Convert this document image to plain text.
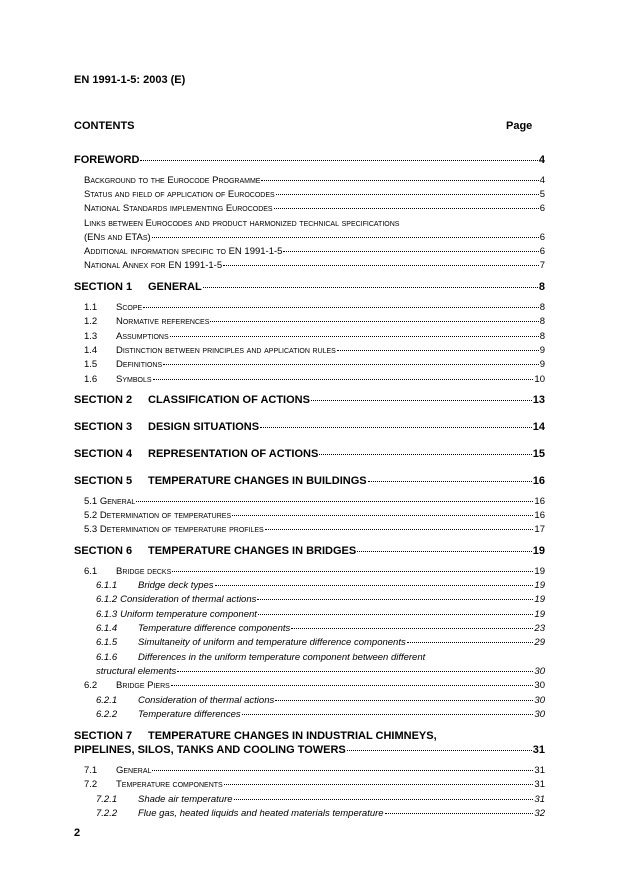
EN 1991-1-5: 2003 (E)
CONTENTS	Page
FOREWORD	4
Background to the Eurocode Programme	4
Status and field of application of Eurocodes	5
National Standards implementing Eurocodes	6
Links between Eurocodes and product harmonized technical specifications
(ENs and ETAs)	6
Additional information specific to EN 1991-1-5	6
National Annex for EN 1991-1-5	7
SECTION 1	GENERAL	8
1.1	Scope	8
1.2	Normative references	8
1.3	Assumptions	8
1.4	Distinction between principles and application rules	9
1.5	Definitions	9
1.6	Symbols	10
SECTION 2	CLASSIFICATION OF ACTIONS	13
SECTION 3	DESIGN SITUATIONS	14
SECTION 4	REPRESENTATION OF ACTIONS	15
SECTION 5	TEMPERATURE CHANGES IN BUILDINGS	16
5.1 General	16
5.2 Determination of temperatures	16
5.3 Determination of temperature profiles	17
SECTION 6	TEMPERATURE CHANGES IN BRIDGES	19
6.1	Bridge decks	19
6.1.1	Bridge deck types	19
6.1.2 Consideration of thermal actions	19
6.1.3 Uniform temperature component	19
6.1.4	Temperature difference components	23
6.1.5	Simultaneity of uniform and temperature difference components	29
6.1.6 Differences in the uniform temperature component between different
structural elements	30
6.2	Bridge Piers	30
6.2.1	Consideration of thermal actions	30
6.2.2	Temperature differences	30
SECTION 7	TEMPERATURE CHANGES IN INDUSTRIAL CHIMNEYS,
PIPELINES, SILOS, TANKS AND COOLING TOWERS	31
7.1	General	31
7.2	Temperature components	31
7.2.1	Shade air temperature	31
7.2.2	Flue gas, heated liquids and heated materials temperature	32
2
